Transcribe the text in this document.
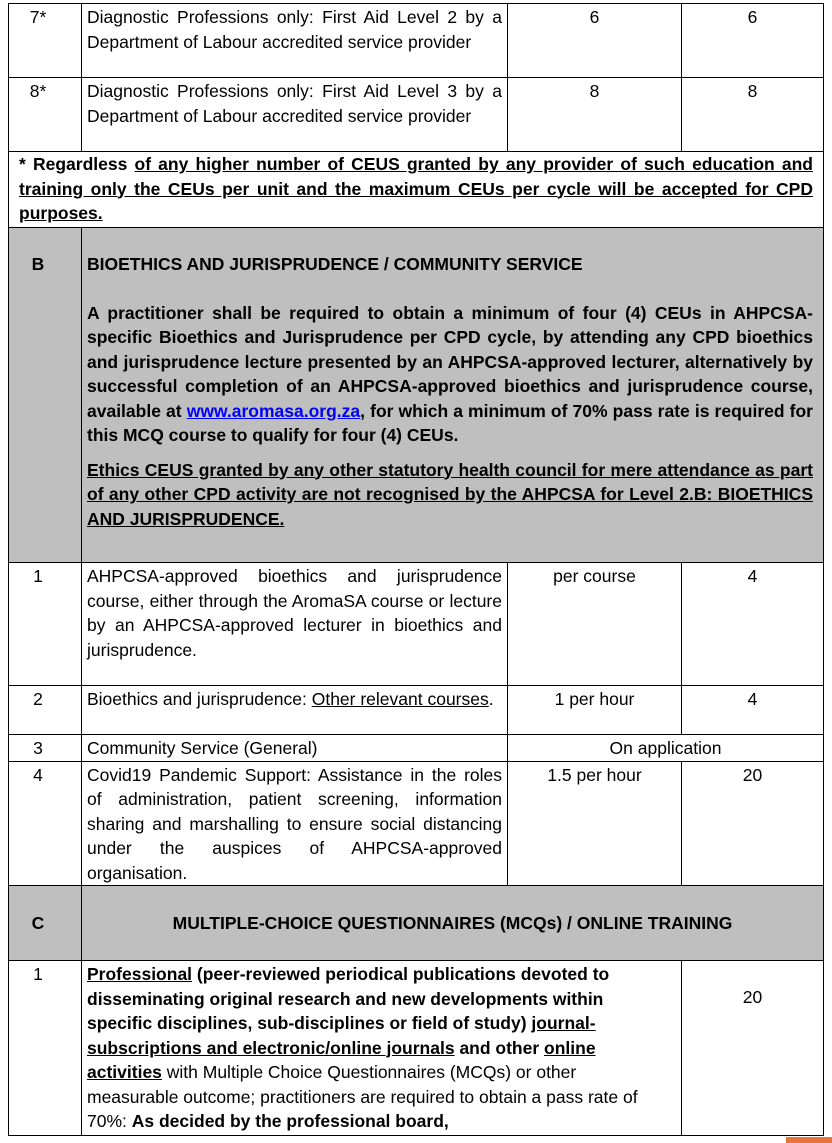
7*	Diagnostic Professions only: First Aid Level 2 by a Department of Labour accredited service provider	6	6
8*	Diagnostic Professions only: First Aid Level 3 by a Department of Labour accredited service provider	8	8
* Regardless of any higher number of CEUS granted by any provider of such education and training only the CEUs per unit and the maximum CEUs per cycle will be accepted for CPD purposes.			
B	BIOETHICS AND JURISPRUDENCE / COMMUNITY SERVICE
A practitioner shall be required to obtain a minimum of four (4) CEUs in AHPCSA-specific Bioethics and Jurisprudence per CPD cycle, by attending any CPD bioethics and jurisprudence lecture presented by an AHPCSA-approved lecturer, alternatively by successful completion of an AHPCSA-approved bioethics and jurisprudence course, available at www.aromasa.org.za, for which a minimum of 70% pass rate is required for this MCQ course to qualify for four (4) CEUs.
Ethics CEUS granted by any other statutory health council for mere attendance as part of any other CPD activity are not recognised by the AHPCSA for Level 2.B: BIOETHICS AND JURISPRUDENCE.		

1	AHPCSA-approved bioethics and jurisprudence course, either through the AromaSA course or lecture by an AHPCSA-approved lecturer in bioethics and jurisprudence.	per course	4
2	Bioethics and jurisprudence: Other relevant courses.	1 per hour	4
3	Community Service (General)	On application	
4	Covid19 Pandemic Support: Assistance in the roles of administration, patient screening, information sharing and marshalling to ensure social distancing under the auspices of AHPCSA-approved organisation.	1.5 per hour	20
C	MULTIPLE-CHOICE QUESTIONNAIRES (MCQs) / ONLINE TRAINING		
1	Professional (peer-reviewed periodical publications devoted to disseminating original research and new developments within specific disciplines, sub-disciplines or field of study) journal-subscriptions and electronic/online journals and other online activities with Multiple Choice Questionnaires (MCQs) or other measurable outcome; practitioners are required to obtain a pass rate of 70%: As decided by the professional board,		20
